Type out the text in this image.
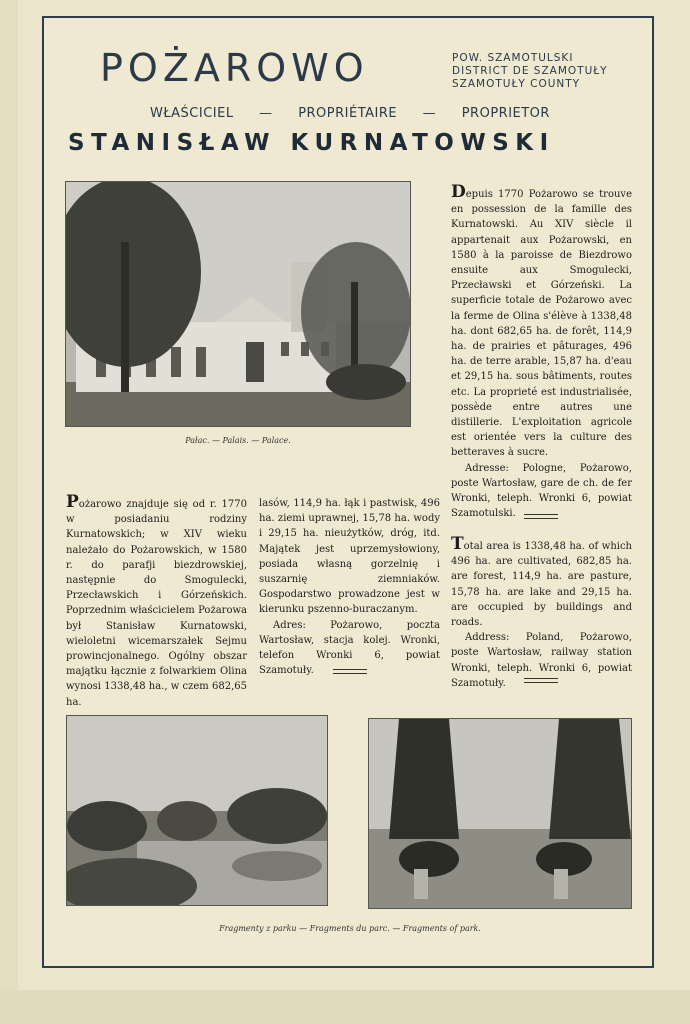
POŻAROWO	POW. SZAMOTULSKI
DISTRICT DE SZAMOTUŁY
SZAMOTUŁY COUNTY
WŁAŚCICIEL — PROPRIÉTAIRE — PROPRIETOR
STANISŁAW KURNATOWSKI
Pałac. — Palais. — Palace.
Depuis 1770 Pożarowo se trouve en possession de la famille des Kurnatowski. Au XIV siècle il appartenait aux Pożarowski, en 1580 à la paroisse de Biezdrowo ensuite aux Smogulecki, Przecławski et Górzeński. La superficie totale de Pożarowo avec la ferme de Olina s'élève à 1338,48 ha. dont 682,65 ha. de forêt, 114,9 ha. de prairies et pâturages, 496 ha. de terre arable, 15,87 ha. d'eau et 29,15 ha. sous bâtiments, routes etc. La proprieté est industrialisée, possède entre autres une distillerie. L'exploitation agricole est orientée vers la culture des betteraves à sucre.
Adresse: Pologne, Pożarowo, poste Wartosław, gare de ch. de fer Wronki, teleph. Wronki 6, powiat Szamotulski.
Total area is 1338,48 ha. of which 496 ha. are cultivated, 682,85 ha. are forest, 114,9 ha. are pasture, 15,78 ha. are lake and 29,15 ha. are occupied by buildings and roads.
Address: Poland, Pożarowo, poste Wartosław, railway station Wronki, teleph. Wronki 6, powiat Szamotuły.
Pożarowo znajduje się od r. 1770 w posiadaniu rodziny Kurnatowskich; w XIV wieku należało do Pożarowskich, w 1580 r. do parafji biezdrowskiej, następnie do Smogulecki, Przecławskich i Górzeńskich. Poprzednim właścicielem Pożarowa był Stanisław Kurnatowski, wieloletni wicemarszałek Sejmu prowincjonalnego. Ogólny obszar majątku łącznie z folwarkiem Olina wynosi 1338,48 ha., w czem 682,65 ha.
lasów, 114,9 ha. łąk i pastwisk, 496 ha. ziemi uprawnej, 15,78 ha. wody i 29,15 ha. nieużytków, dróg, itd. Majątek jest uprzemysłowiony, posiada własną gorzelnię i suszarnię ziemniaków. Gospodarstwo prowadzone jest w kierunku pszenno-buraczanym.
Adres: Pożarowo, poczta Wartosław, stacja kolej. Wronki, telefon Wronki 6, powiat Szamotuły.
Fragmenty z parku — Fragments du parc. — Fragments of park.
